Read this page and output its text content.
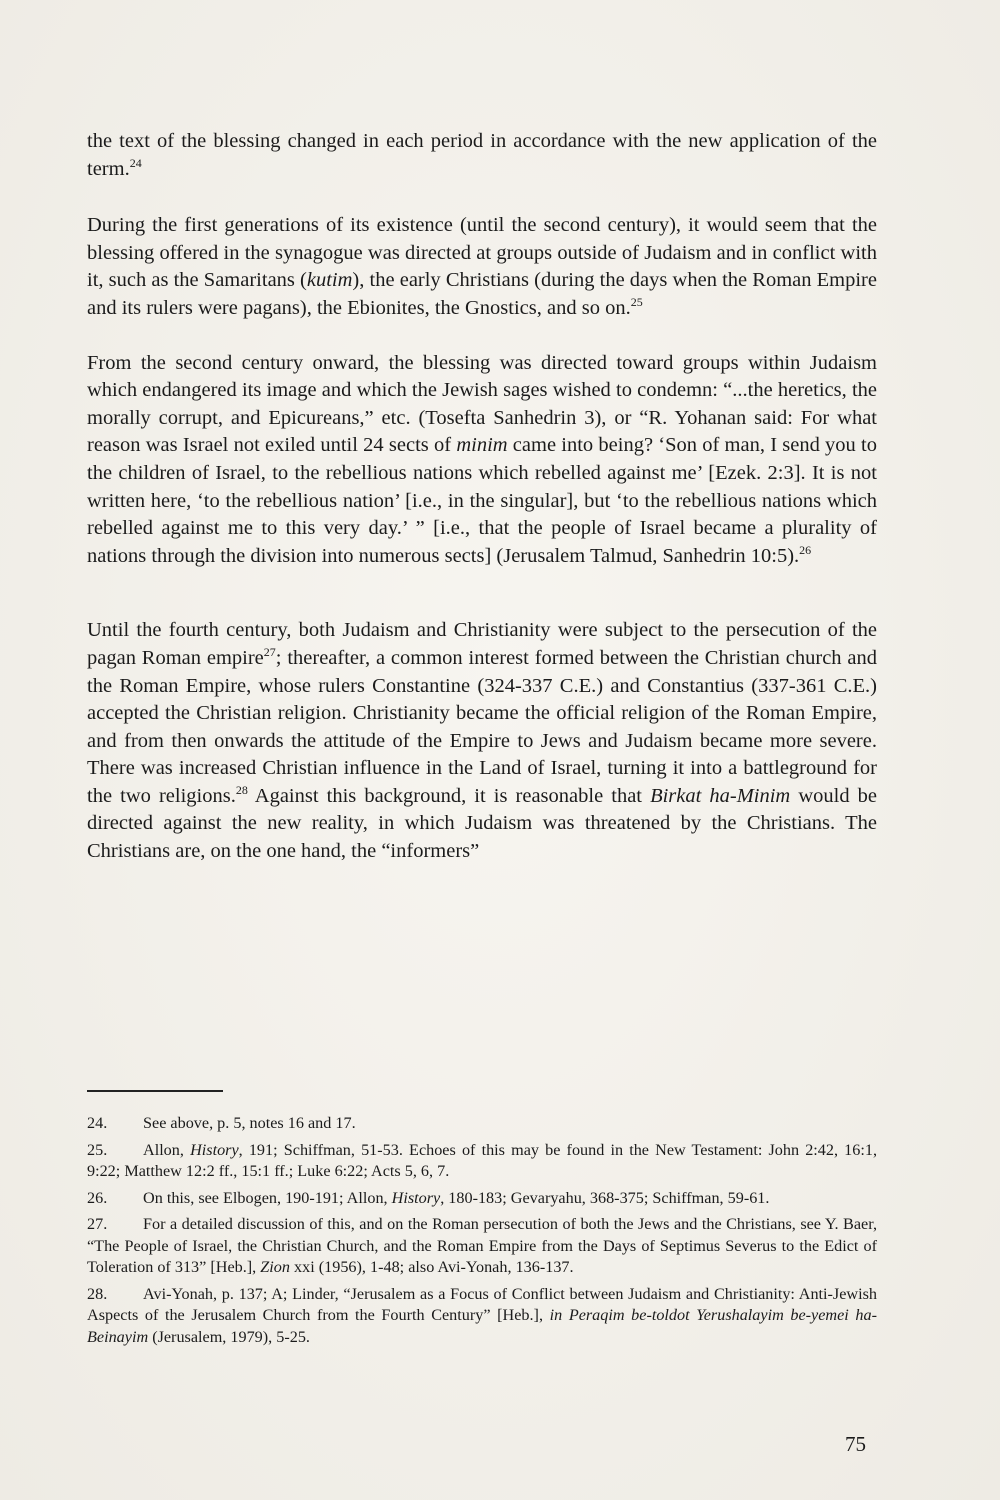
the text of the blessing changed in each period in accordance with the new application of the term.$^{24}$

During the first generations of its existence (until the second century), it would seem that the blessing offered in the synagogue was directed at groups outside of Judaism and in conflict with it, such as the Samaritans (kutim), the early Christians (during the days when the Roman Empire and its rulers were pagans), the Ebionites, the Gnostics, and so on.$^{25}$

From the second century onward, the blessing was directed toward groups within Judaism which endangered its image and which the Jewish sages wished to condemn: “...the heretics, the morally corrupt, and Epicureans,” etc. (Tosefta Sanhedrin 3), or “R. Yohanan said: For what reason was Israel not exiled until 24 sects of minim came into being? ‘Son of man, I send you to the children of Israel, to the rebellious nations which rebelled against me’ [Ezek. 2:3]. It is not written here, ‘to the rebellious nation’ [i.e., in the singular], but ‘to the rebellious nations which rebelled against me to this very day.’ ” [i.e., that the people of Israel became a plurality of nations through the division into numerous sects] (Jerusalem Talmud, Sanhedrin 10:5).$^{26}$

Until the fourth century, both Judaism and Christianity were subject to the persecution of the pagan Roman empire$^{27}$; thereafter, a common interest formed between the Christian church and the Roman Empire, whose rulers Constantine (324-337 C.E.) and Constantius (337-361 C.E.) accepted the Christian religion. Christianity became the official religion of the Roman Empire, and from then onwards the attitude of the Empire to Jews and Judaism became more severe. There was increased Christian influence in the Land of Israel, turning it into a battleground for the two religions.$^{28}$ Against this background, it is reasonable that Birkat ha-Minim would be directed against the new reality, in which Judaism was threatened by the Christians. The Christians are, on the one hand, the “informers”

24. See above, p. 5, notes 16 and 17.

25. Allon, History, 191; Schiffman, 51-53. Echoes of this may be found in the New Testament: John 2:42, 16:1, 9:22; Matthew 12:2 ff., 15:1 ff.; Luke 6:22; Acts 5, 6, 7.

26. On this, see Elbogen, 190-191; Allon, History, 180-183; Gevaryahu, 368-375; Schiffman, 59-61.

27. For a detailed discussion of this, and on the Roman persecution of both the Jews and the Christians, see Y. Baer, “The People of Israel, the Christian Church, and the Roman Empire from the Days of Septimus Severus to the Edict of Toleration of 313” [Heb.], Zion xxi (1956), 1-48; also Avi-Yonah, 136-137.

28. Avi-Yonah, p. 137; A; Linder, “Jerusalem as a Focus of Conflict between Judaism and Christianity: Anti-Jewish Aspects of the Jerusalem Church from the Fourth Century” [Heb.], in Peraqim be-toldot Yerushalayim be-yemei ha-Beinayim (Jerusalem, 1979), 5-25.

75
